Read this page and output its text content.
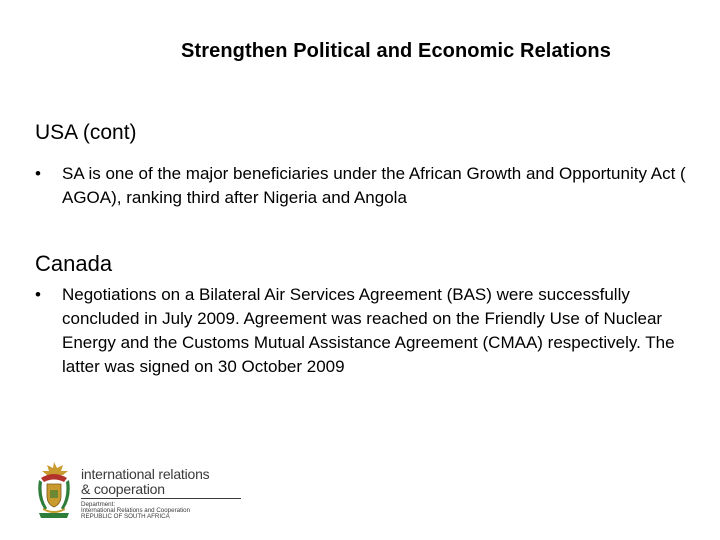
Strengthen Political and Economic Relations
USA (cont)
•	SA is one of the major beneficiaries under the African Growth and Opportunity Act ( AGOA), ranking third after Nigeria and Angola
Canada
•	Negotiations on a Bilateral Air Services Agreement (BAS) were successfully concluded in July 2009. Agreement was reached on the Friendly Use of Nuclear Energy and the Customs Mutual Assistance Agreement (CMAA) respectively. The latter was signed on 30 October 2009
international relations
& cooperation
Department:
International Relations and Cooperation
REPUBLIC OF SOUTH AFRICA
